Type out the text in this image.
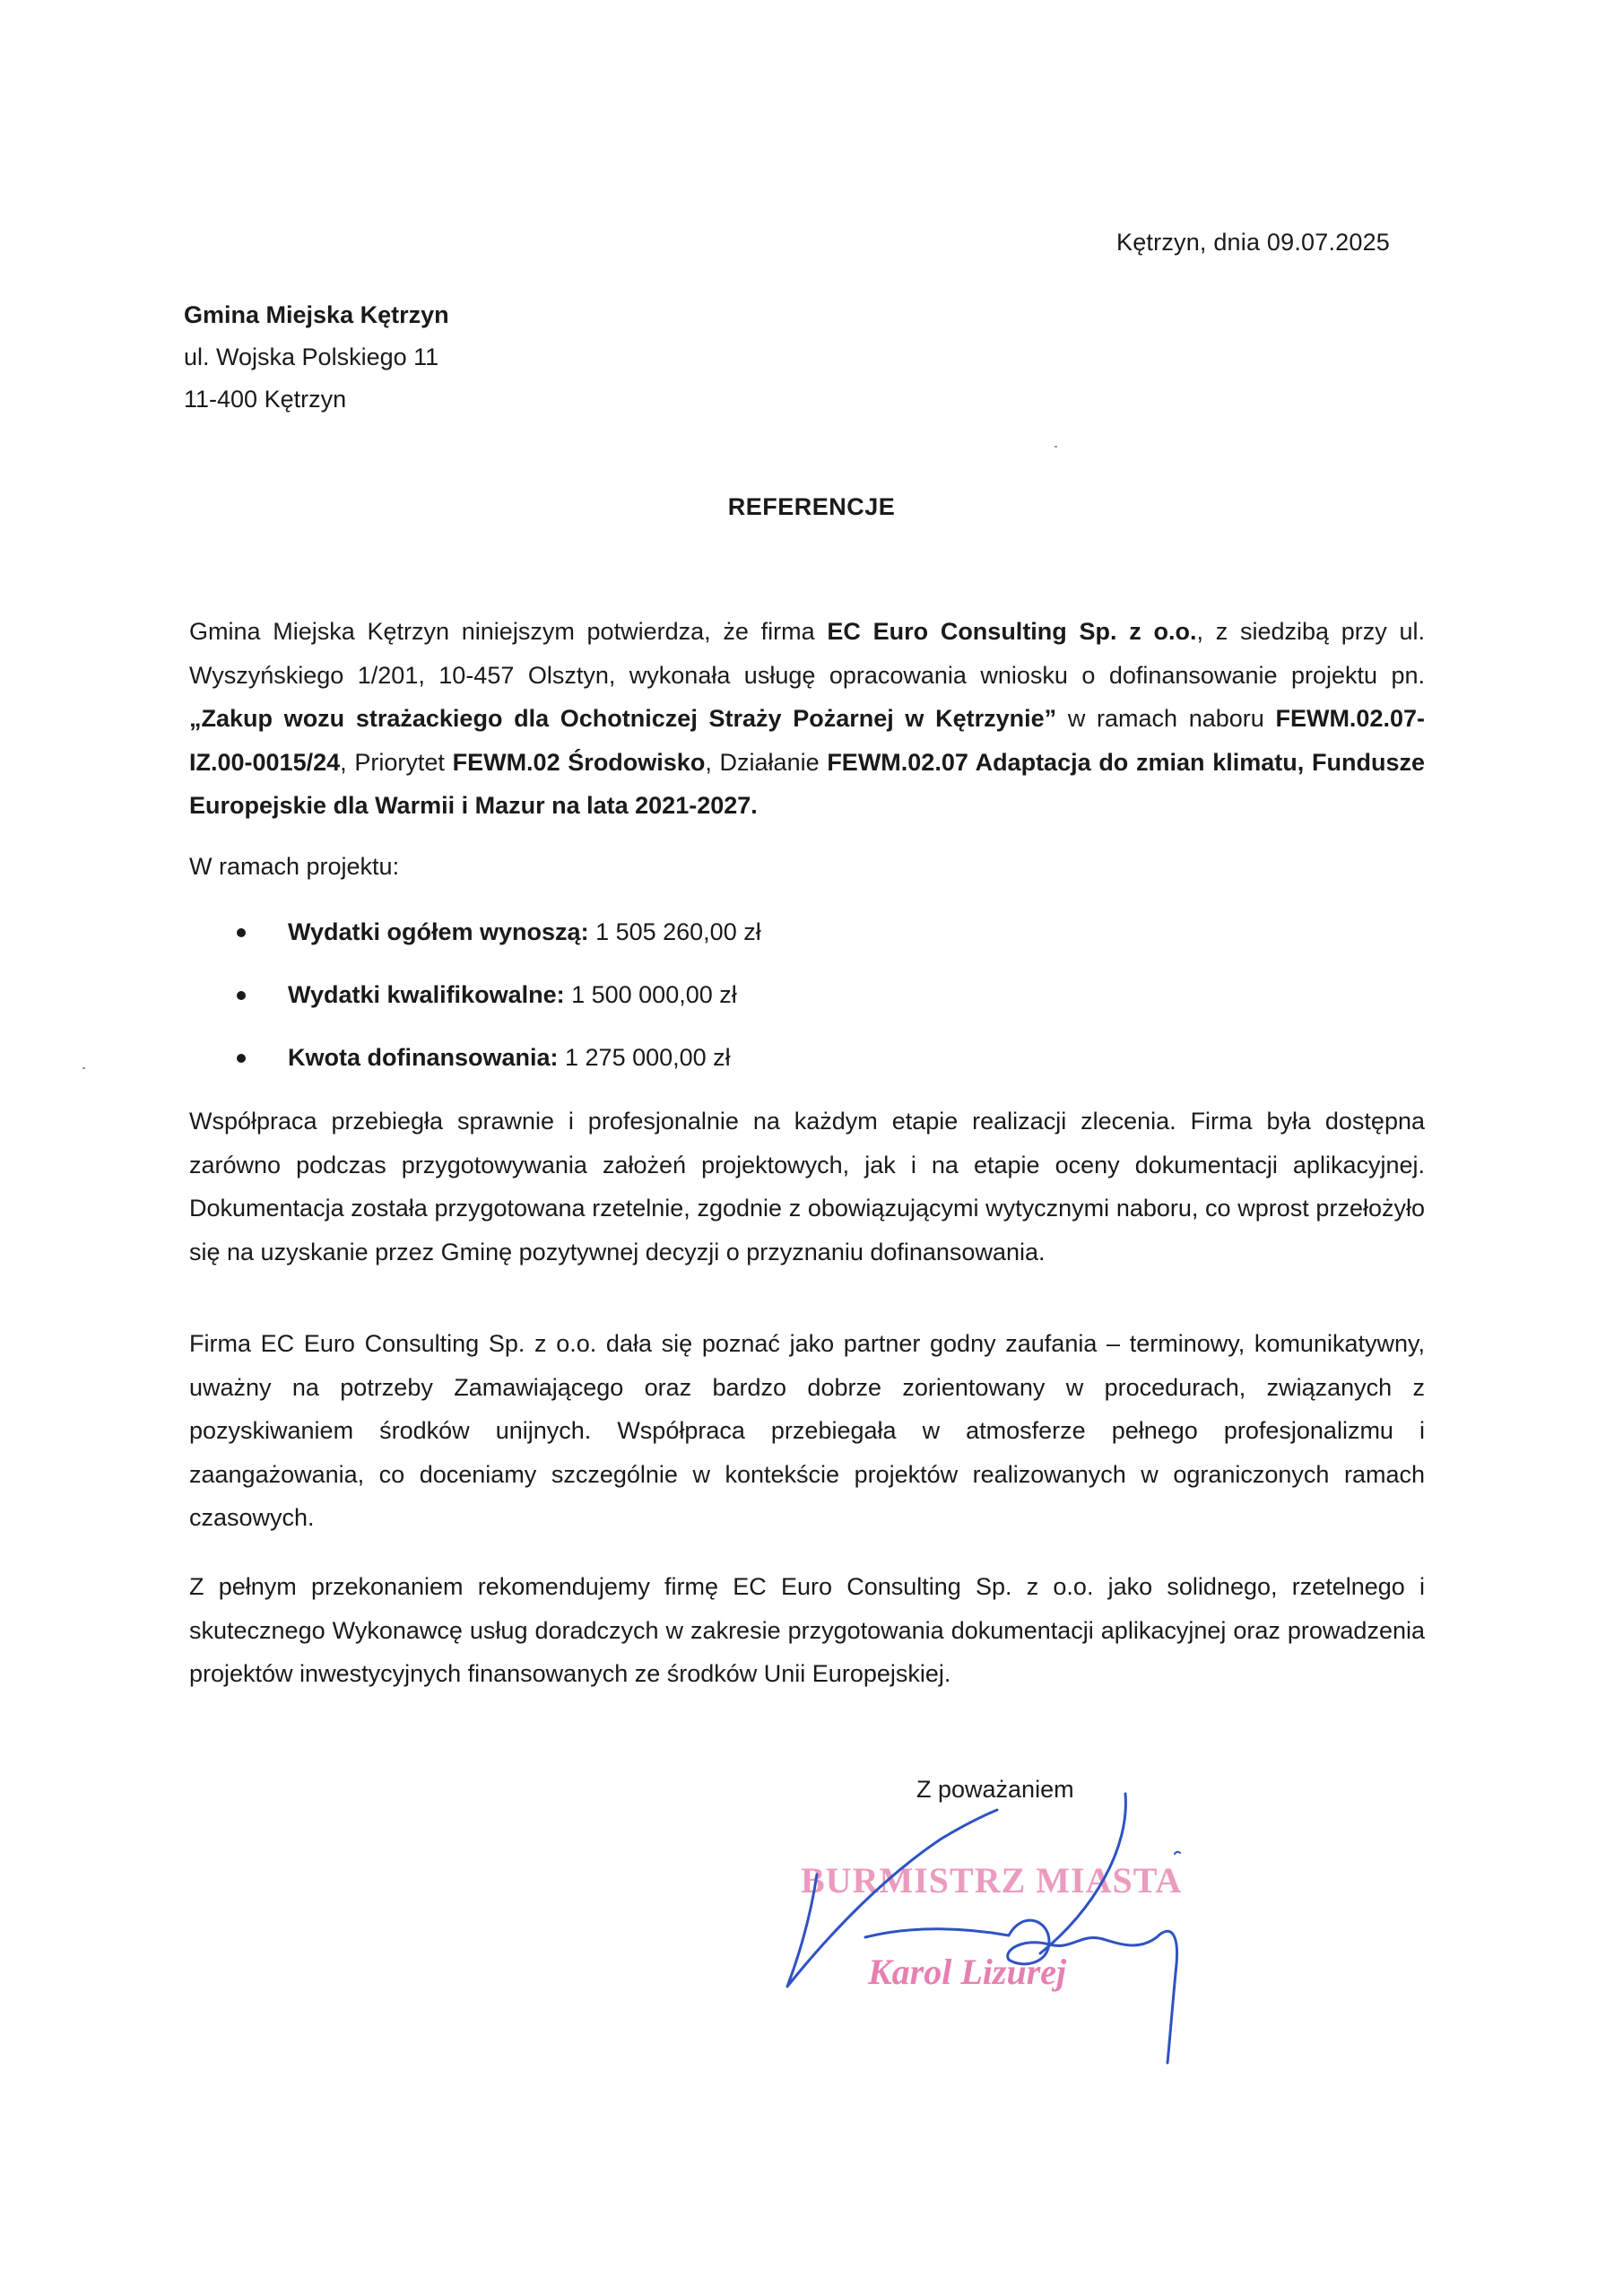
Kętrzyn, dnia 09.07.2025
Gmina Miejska Kętrzyn
ul. Wojska Polskiego 11
11-400 Kętrzyn
REFERENCJE
Gmina Miejska Kętrzyn niniejszym potwierdza, że firma EC Euro Consulting Sp. z o.o., z siedzibą przy ul. Wyszyńskiego 1/201, 10-457 Olsztyn, wykonała usługę opracowania wniosku o dofinansowanie projektu pn. „Zakup wozu strażackiego dla Ochotniczej Straży Pożarnej w Kętrzynie” w ramach naboru FEWM.02.07-IZ.00-0015/24, Priorytet FEWM.02 Środowisko, Działanie FEWM.02.07 Adaptacja do zmian klimatu, Fundusze Europejskie dla Warmii i Mazur na lata 2021-2027.
W ramach projektu:
Wydatki ogółem wynoszą: 1 505 260,00 zł
Wydatki kwalifikowalne: 1 500 000,00 zł
Kwota dofinansowania: 1 275 000,00 zł
Współpraca przebiegła sprawnie i profesjonalnie na każdym etapie realizacji zlecenia. Firma była dostępna zarówno podczas przygotowywania założeń projektowych, jak i na etapie oceny dokumentacji aplikacyjnej. Dokumentacja została przygotowana rzetelnie, zgodnie z obowiązującymi wytycznymi naboru, co wprost przełożyło się na uzyskanie przez Gminę pozytywnej decyzji o przyznaniu dofinansowania.
Firma EC Euro Consulting Sp. z o.o. dała się poznać jako partner godny zaufania – terminowy, komunikatywny, uważny na potrzeby Zamawiającego oraz bardzo dobrze zorientowany w procedurach, związanych z pozyskiwaniem środków unijnych. Współpraca przebiegała w atmosferze pełnego profesjonalizmu i zaangażowania, co doceniamy szczególnie w kontekście projektów realizowanych w ograniczonych ramach czasowych.
Z pełnym przekonaniem rekomendujemy firmę EC Euro Consulting Sp. z o.o. jako solidnego, rzetelnego i skutecznego Wykonawcę usług doradczych w zakresie przygotowania dokumentacji aplikacyjnej oraz prowadzenia projektów inwestycyjnych finansowanych ze środków Unii Europejskiej.
Z poważaniem
BURMISTRZ MIASTA
Karol Lizurej
